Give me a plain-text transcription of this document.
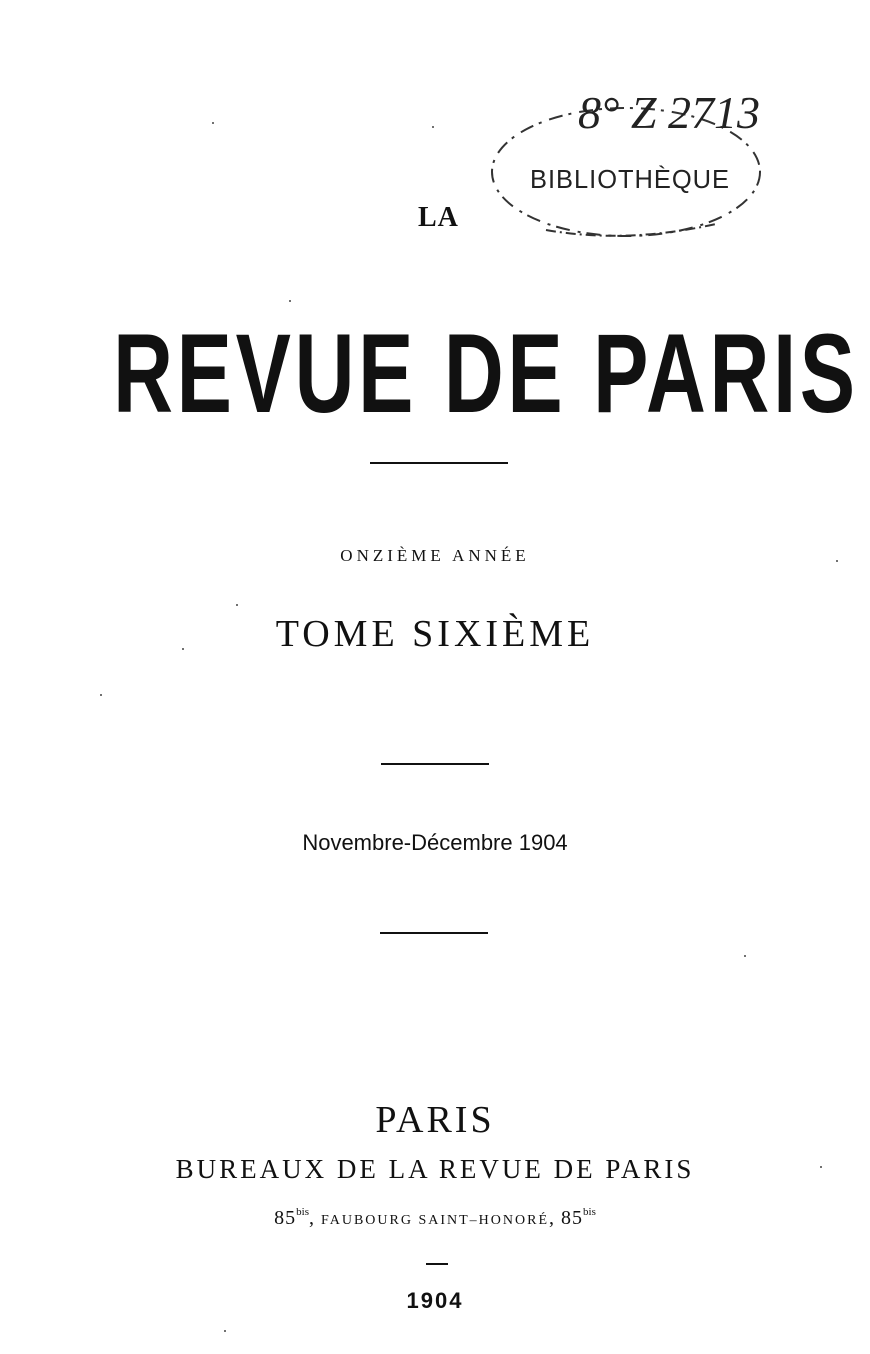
8° Z 2713
BIBLIOTHÈQUE
LA
REVUE DE PARIS
ONZIÈME ANNÉE
TOME SIXIÈME
Novembre-Décembre 1904
PARIS
BUREAUX DE LA REVUE DE PARIS
$85^{bis}$, FAUBOURG SAINT–HONORÉ, $85^{bis}$
1904
